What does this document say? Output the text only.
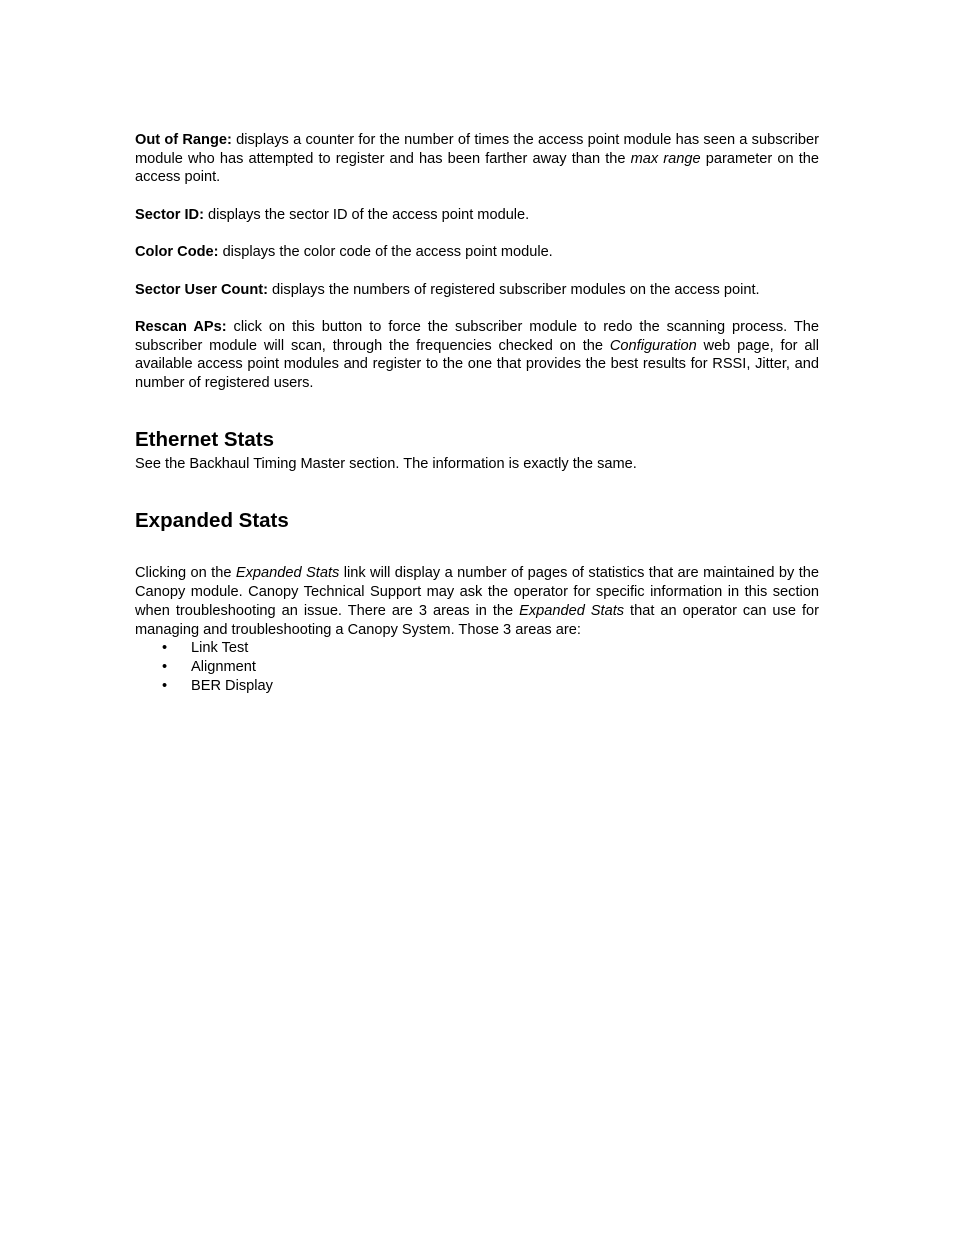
Out of Range: displays a counter for the number of times the access point module has seen a subscriber module who has attempted to register and has been farther away than the max range parameter on the access point.

Sector ID: displays the sector ID of the access point module.

Color Code: displays the color code of the access point module.

Sector User Count: displays the numbers of registered subscriber modules on the access point.

Rescan APs: click on this button to force the subscriber module to redo the scanning process. The subscriber module will scan, through the frequencies checked on the Configuration web page, for all available access point modules and register to the one that provides the best results for RSSI, Jitter, and number of registered users.

Ethernet Stats

See the Backhaul Timing Master section. The information is exactly the same.

Expanded Stats

Clicking on the Expanded Stats link will display a number of pages of statistics that are maintained by the Canopy module. Canopy Technical Support may ask the operator for specific information in this section when troubleshooting an issue. There are 3 areas in the Expanded Stats that an operator can use for managing and troubleshooting a Canopy System. Those 3 areas are:

• Link Test
• Alignment
• BER Display
